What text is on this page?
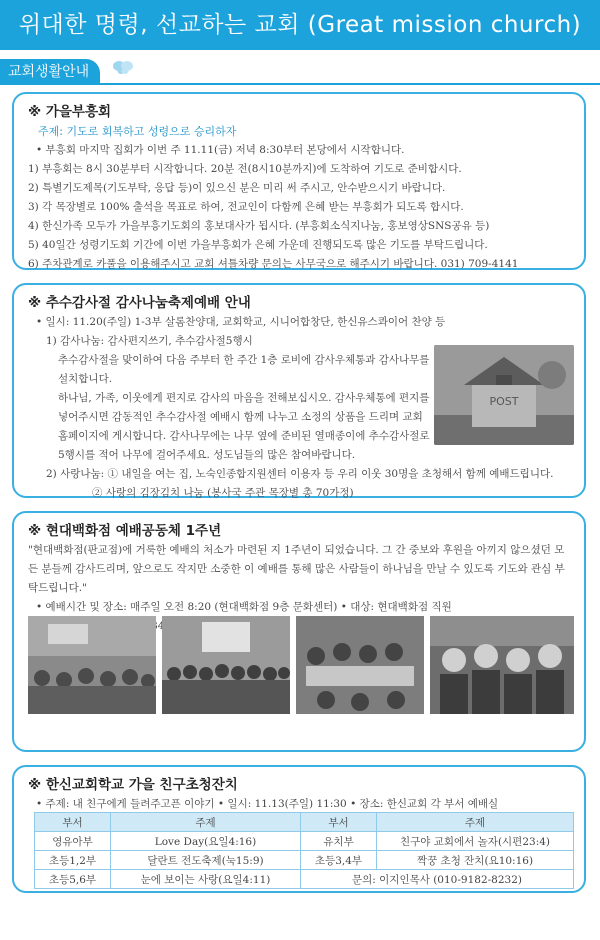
위대한 명령, 선교하는 교회 (Great mission church)
교회생활안내
※ 가을부흥회
주제: 기도로 회복하고 성령으로 승리하자
• 부흥회 마지막 집회가 이번 주 11.11(금) 저녁 8:30부터 본당에서 시작합니다.
1) 부흥회는 8시 30분부터 시작합니다. 20분 전(8시10분까지)에 도착하여 기도로 준비합시다.
2) 특별기도제목(기도부탁, 응답 등)이 있으신 분은 미리 써 주시고, 안수받으시기 바랍니다.
3) 각 목장별로 100% 출석을 목표로 하여, 전교인이 다함께 은혜 받는 부흥회가 되도록 합시다.
4) 한신가족 모두가 가을부흥기도회의 홍보대사가 됩시다. (부흥회소식지나눔, 홍보영상SNS공유 등)
5) 40일간 성령기도회 기간에 이번 가을부흥회가 은혜 가운데 진행되도록 많은 기도를 부탁드립니다.
6) 주차관계로 카풀을 이용해주시고 교회 셔틀차량 문의는 사무국으로 해주시기 바랍니다. 031) 709-4141
※ 추수감사절 감사나눔축제예배 안내
• 일시: 11.20(주일) 1-3부 살롬찬양대, 교회학교, 시니어합창단, 한신유스콰이어 찬양 등
1) 감사나눔: 감사편지쓰기, 추수감사절5행시
추수감사절을 맞이하여 다음 주부터 한 주간 1층 로비에 감사우체통과 감사나무를
설치합니다.
하나님, 가족, 이웃에게 편지로 감사의 마음을 전해보십시오. 감사우체통에 편지를
넣어주시면 감동적인 추수감사절 예배시 함께 나누고 소정의 상품을 드리며 교회
홈페이지에 게시합니다. 감사나무에는 나무 옆에 준비된 열매종이에 추수감사절로
5행시를 적어 나무에 걸어주세요. 성도님들의 많은 참여바랍니다.
2) 사랑나눔: ① 내일을 여는 집, 노숙인종합지원센터 이용자 등 우리 이웃 30명을 초청해서 함께 예배드립니다.
② 사랑의 김장김치 나눔 (봉사국 주관 목장별 총 70가정)
POST
※ 현대백화점 예배공동체 1주년
"현대백화점(판교점)에 거룩한 예배의 처소가 마련된 지 1주년이 되었습니다. 그 간 중보와 후원을 아끼지 않으셨던 모든 분들께 감사드리며, 앞으로도 작지만 소중한 이 예배를 통해 많은 사람들이 하나님을 만날 수 있도록 기도와 관심 부탁드립니다."
• 예배시간 및 장소: 매주일 오전 8:20 (현대백화점 9층 문화센터) • 대상: 현대백화점 직원
※ 한신교회학교 가을 친구초청잔치
• 주제: 내 친구에게 들려주고픈 이야기 • 일시: 11.13(주일) 11:30 • 장소: 한신교회 각 부서 예배실
부서	주제	부서	주제
영유아부	Love Day(요일4:16)	유치부	친구야 교회에서 놀자(시편23:4)
초등1,2부	달란트 전도축제(눅15:9)	초등3,4부	짝꿍 초청 잔치(요10:16)
초등5,6부	눈에 보이는 사랑(요일4:11)	문의: 이지인목사 (010-9182-8232)	
